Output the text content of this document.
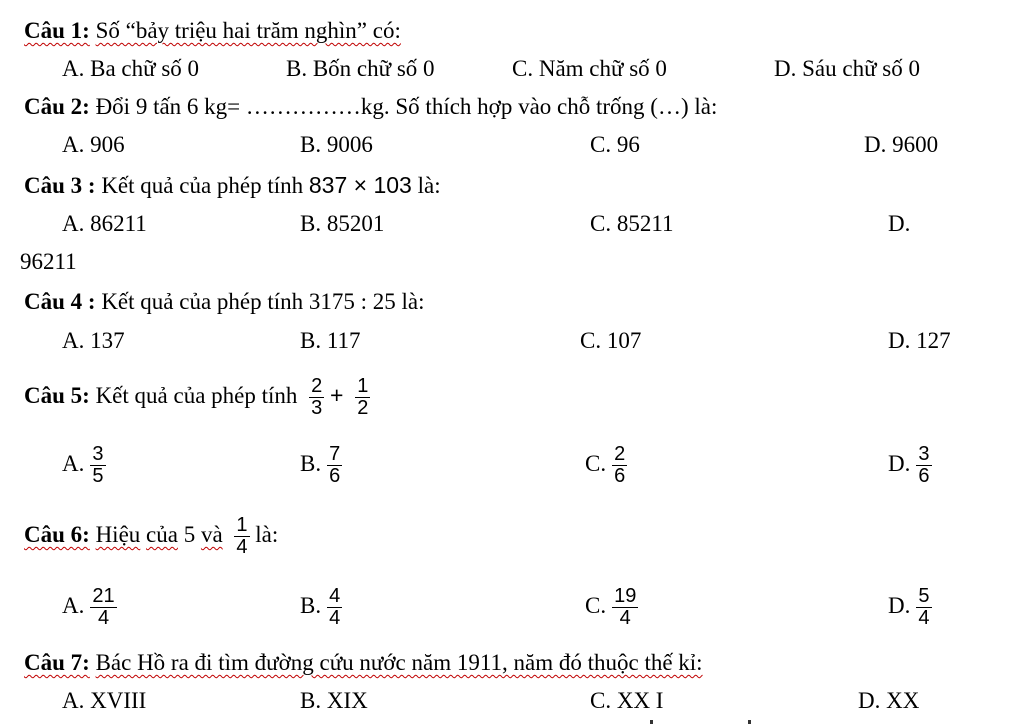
Câu 1: Số “bảy triệu hai trăm nghìn” có:
A. Ba chữ số 0	B. Bốn chữ số 0	C. Năm chữ số 0	D. Sáu chữ số 0
Câu 2: Đổi 9 tấn 6 kg= ……………kg. Số thích hợp vào chỗ trống (…) là:
A. 906	B. 9006	C. 96	D. 9600
Câu 3 : Kết quả của phép tính 837 × 103 là:
A. 86211	B. 85201	C. 85211	D.
96211
Câu 4 : Kết quả của phép tính 3175 : 25 là:
A. 137	B. 117	C. 107	D. 127
Câu 5: Kết quả của phép tính $\frac{2}{3} + \frac{1}{2}$
A. $\frac{3}{5}$	B. $\frac{7}{6}$	C. $\frac{2}{6}$	D. $\frac{3}{6}$
Câu 6: Hiệu của 5 và $\frac{1}{4}$ là:
A. $\frac{21}{4}$	B. $\frac{4}{4}$	C. $\frac{19}{4}$	D. $\frac{5}{4}$
Câu 7: Bác Hồ ra đi tìm đường cứu nước năm 1911, năm đó thuộc thế kỉ:
A. XVIII	B. XIX	C. XX I	D. XX
